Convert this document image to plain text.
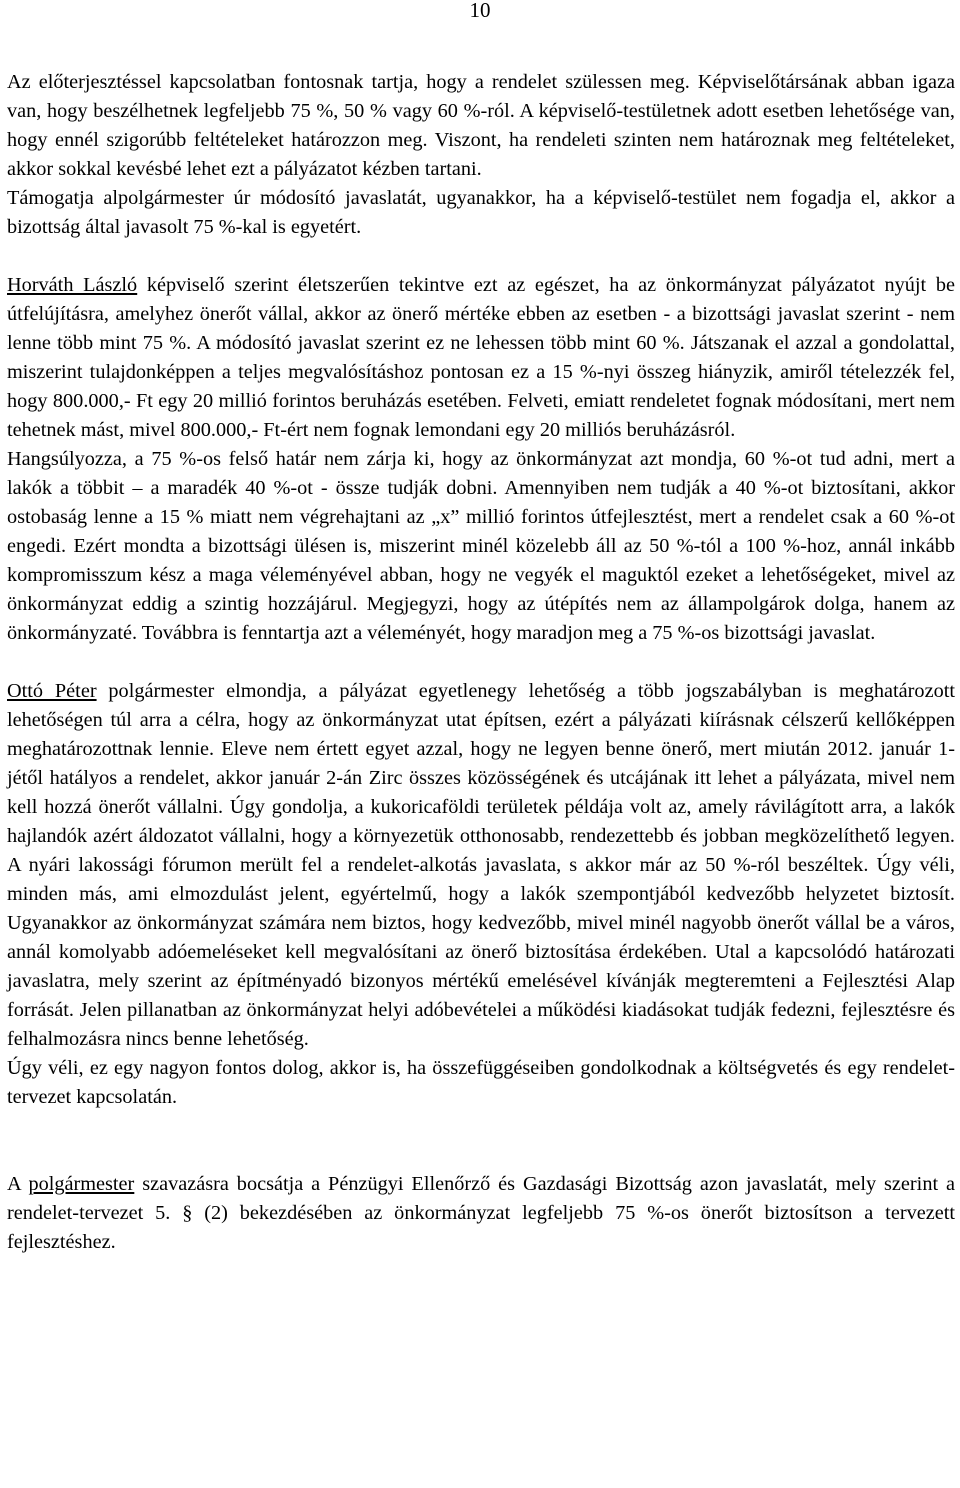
10

Az előterjesztéssel kapcsolatban fontosnak tartja, hogy a rendelet szülessen meg. Képviselőtársának abban igaza van, hogy beszélhetnek legfeljebb 75 %, 50 % vagy 60 %-ról. A képviselő-testületnek adott esetben lehetősége van, hogy ennél szigorúbb feltételeket határozzon meg. Viszont, ha rendeleti szinten nem határoznak meg feltételeket, akkor sokkal kevésbé lehet ezt a pályázatot kézben tartani.

Támogatja alpolgármester úr módosító javaslatát, ugyanakkor, ha a képviselő-testület nem fogadja el, akkor a bizottság által javasolt 75 %-kal is egyetért.

Horváth László képviselő szerint életszerűen tekintve ezt az egészet, ha az önkormányzat pályázatot nyújt be útfelújításra, amelyhez önerőt vállal, akkor az önerő mértéke ebben az esetben - a bizottsági javaslat szerint - nem lenne több mint 75 %. A módosító javaslat szerint ez ne lehessen több mint 60 %. Játszanak el azzal a gondolattal, miszerint tulajdonképpen a teljes megvalósításhoz pontosan ez a 15 %-nyi összeg hiányzik, amiről tételezzék fel, hogy 800.000,- Ft egy 20 millió forintos beruházás esetében. Felveti, emiatt rendeletet fognak módosítani, mert nem tehetnek mást, mivel 800.000,- Ft-ért nem fognak lemondani egy 20 milliós beruházásról.

Hangsúlyozza, a 75 %-os felső határ nem zárja ki, hogy az önkormányzat azt mondja, 60 %-ot tud adni, mert a lakók a többit – a maradék 40 %-ot - össze tudják dobni. Amennyiben nem tudják a 40 %-ot biztosítani, akkor ostobaság lenne a 15 % miatt nem végrehajtani az „x” millió forintos útfejlesztést, mert a rendelet csak a 60 %-ot engedi. Ezért mondta a bizottsági ülésen is, miszerint minél közelebb áll az 50 %-tól a 100 %-hoz, annál inkább kompromisszum kész a maga véleményével abban, hogy ne vegyék el maguktól ezeket a lehetőségeket, mivel az önkormányzat eddig a szintig hozzájárul. Megjegyzi, hogy az útépítés nem az állampolgárok dolga, hanem az önkormányzaté. Továbbra is fenntartja azt a véleményét, hogy maradjon meg a 75 %-os bizottsági javaslat.

Ottó Péter polgármester elmondja, a pályázat egyetlenegy lehetőség a több jogszabályban is meghatározott lehetőségen túl arra a célra, hogy az önkormányzat utat építsen, ezért a pályázati kiírásnak célszerű kellőképpen meghatározottnak lennie. Eleve nem értett egyet azzal, hogy ne legyen benne önerő, mert miután 2012. január 1-jétől hatályos a rendelet, akkor január 2-án Zirc összes közösségének és utcájának itt lehet a pályázata, mivel nem kell hozzá önerőt vállalni. Úgy gondolja, a kukoricaföldi területek példája volt az, amely rávilágított arra, a lakók hajlandók azért áldozatot vállalni, hogy a környezetük otthonosabb, rendezettebb és jobban megközelíthető legyen. A nyári lakossági fórumon merült fel a rendelet-alkotás javaslata, s akkor már az 50 %-ról beszéltek. Úgy véli, minden más, ami elmozdulást jelent, egyértelmű, hogy a lakók szempontjából kedvezőbb helyzetet biztosít. Ugyanakkor az önkormányzat számára nem biztos, hogy kedvezőbb, mivel minél nagyobb önerőt vállal be a város, annál komolyabb adóemeléseket kell megvalósítani az önerő biztosítása érdekében. Utal a kapcsolódó határozati javaslatra, mely szerint az építményadó bizonyos mértékű emelésével kívánják megteremteni a Fejlesztési Alap forrását. Jelen pillanatban az önkormányzat helyi adóbevételei a működési kiadásokat tudják fedezni, fejlesztésre és felhalmozásra nincs benne lehetőség.

Úgy véli, ez egy nagyon fontos dolog, akkor is, ha összefüggéseiben gondolkodnak a költségvetés és egy rendelet-tervezet kapcsolatán.

A polgármester szavazásra bocsátja a Pénzügyi Ellenőrző és Gazdasági Bizottság azon javaslatát, mely szerint a rendelet-tervezet 5. § (2) bekezdésében az önkormányzat legfeljebb 75 %-os önerőt biztosítson a tervezett fejlesztéshez.
